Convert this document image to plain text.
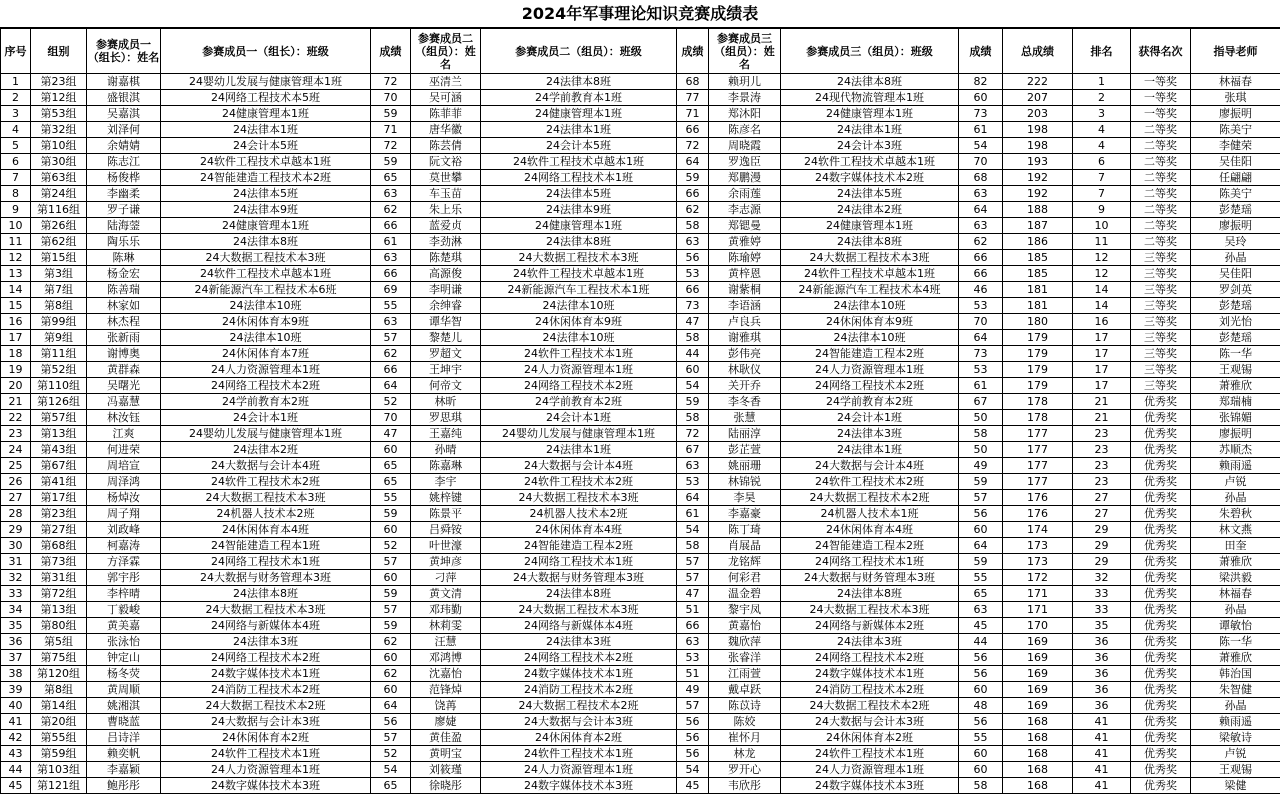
2024年军事理论知识竞赛成绩表
序号	组别	参赛成员一（组长）：姓名	参赛成员一（组长）：班级	成绩	参赛成员二（组员）：姓名	参赛成员二（组员）：班级	成绩	参赛成员三（组员）：姓名	参赛成员三（组员）：班级	成绩	总成绩	排名	获得名次	指导老师
1	第23组	谢嘉棋	24婴幼儿发展与健康管理本1班	72	巫清兰	24法律本8班	68	赖玥儿	24法律本8班	82	222	1	一等奖	林福春
2	第12组	盛银淇	24网络工程技术本5班	70	吴可涵	24学前教育本1班	77	李景涛	24现代物流管理本1班	60	207	2	一等奖	张琪
3	第53组	吴嘉淇	24健康管理本1班	59	陈菲菲	24健康管理本1班	71	郑沐阳	24健康管理本1班	73	203	3	一等奖	廖振明
4	第32组	刘泽何	24法律本1班	71	唐华徽	24法律本1班	66	陈彦名	24法律本1班	61	198	4	二等奖	陈美宁
5	第10组	余婧婧	24会计本5班	72	陈芸倩	24会计本5班	72	周晓霞	24会计本3班	54	198	4	二等奖	李健荣
6	第30组	陈志江	24软件工程技术卓越本1班	59	阮文裕	24软件工程技术卓越本1班	64	罗逸臣	24软件工程技术卓越本1班	70	193	6	二等奖	吴佳阳
7	第63组	杨俊桦	24智能建造工程技术本2班	65	莫世攀	24网络工程技术本1班	59	郑鹏漫	24数字媒体技术本2班	68	192	7	二等奖	任翩翩
8	第24组	李幽柔	24法律本5班	63	车玉苗	24法律本5班	66	余雨莲	24法律本5班	63	192	7	二等奖	陈美宁
9	第116组	罗子谦	24法律本9班	62	朱上乐	24法律本9班	62	李志源	24法律本2班	64	188	9	二等奖	彭楚瑶
10	第26组	陆海蓥	24健康管理本1班	66	蓝爱贞	24健康管理本1班	58	郑锶曼	24健康管理本1班	63	187	10	二等奖	廖振明
11	第62组	陶乐乐	24法律本8班	61	李劲淋	24法律本8班	63	黄雅婷	24法律本8班	62	186	11	二等奖	吴玲
12	第15组	陈琳	24大数据工程技术本3班	63	陈楚琪	24大数据工程技术本3班	56	陈瑜婷	24大数据工程技术本3班	66	185	12	三等奖	孙晶
13	第3组	杨金宏	24软件工程技术卓越本1班	66	高源俊	24软件工程技术卓越本1班	53	黄梓恩	24软件工程技术卓越本1班	66	185	12	三等奖	吴佳阳
14	第7组	陈善瑞	24新能源汽车工程技术本6班	69	李明谦	24新能源汽车工程技术本1班	66	谢紫桐	24新能源汽车工程技术本4班	46	181	14	三等奖	罗剑英
15	第8组	林家如	24法律本10班	55	余绅睿	24法律本10班	73	李语涵	24法律本10班	53	181	14	三等奖	彭楚瑶
16	第99组	林杰程	24休闲体育本9班	63	谭华智	24休闲体育本9班	47	卢良兵	24休闲体育本9班	70	180	16	三等奖	刘光怡
17	第9组	张新雨	24法律本10班	57	黎楚儿	24法律本10班	58	谢雅琪	24法律本10班	64	179	17	三等奖	彭楚瑶
18	第11组	谢博奥	24休闲体育本7班	62	罗超文	24软件工程技术本1班	44	彭伟亮	24智能建造工程本2班	73	179	17	三等奖	陈一华
19	第52组	黄群森	24人力资源管理本1班	66	王坤宇	24人力资源管理本1班	60	林耿仪	24人力资源管理本1班	53	179	17	三等奖	王观锡
20	第110组	吴曙光	24网络工程技术本2班	64	何帝文	24网络工程技术本2班	54	关开乔	24网络工程技术本2班	61	179	17	三等奖	萧雅欣
21	第126组	冯嘉慧	24学前教育本2班	52	林昕	24学前教育本2班	59	李冬香	24学前教育本2班	67	178	21	优秀奖	郑瑞楠
22	第57组	林汝钰	24会计本1班	70	罗思琪	24会计本1班	58	张慧	24会计本1班	50	178	21	优秀奖	张锦媚
23	第13组	江爽	24婴幼儿发展与健康管理本1班	47	王嘉纯	24婴幼儿发展与健康管理本1班	72	陆丽淳	24法律本3班	58	177	23	优秀奖	廖振明
24	第43组	何进荣	24法律本2班	60	孙晴	24法律本1班	67	彭芷萱	24法律本1班	50	177	23	优秀奖	苏顺杰
25	第67组	周培宣	24大数据与会计本4班	65	陈嘉琳	24大数据与会计本4班	63	姚丽珊	24大数据与会计本4班	49	177	23	优秀奖	赖雨遥
26	第41组	周泽鸿	24软件工程技术本2班	65	李宇	24软件工程技术本2班	53	林锦锐	24软件工程技术本2班	59	177	23	优秀奖	卢锐
27	第17组	杨焯汝	24大数据工程技术本3班	55	姚梓键	24大数据工程技术本3班	64	李昊	24大数据工程技术本2班	57	176	27	优秀奖	孙晶
28	第23组	周子翔	24机器人技术本2班	59	陈景平	24机器人技术本2班	61	李嘉豪	24机器人技术本1班	56	176	27	优秀奖	朱碧秋
29	第27组	刘政峰	24休闲体育本4班	60	吕舜铵	24休闲体育本4班	54	陈丁琦	24休闲体育本4班	60	174	29	优秀奖	林文燕
30	第68组	柯嘉涛	24智能建造工程本1班	52	叶世濠	24智能建造工程本2班	58	肖展晶	24智能建造工程本2班	64	173	29	优秀奖	田奎
31	第73组	方泽霖	24网络工程技术本1班	57	黄坤彦	24网络工程技术本1班	57	龙铭辉	24网络工程技术本1班	59	173	29	优秀奖	萧雅欣
32	第31组	郭宇彤	24大数据与财务管理本3班	60	刁萍	24大数据与财务管理本3班	57	何彩君	24大数据与财务管理本3班	55	172	32	优秀奖	梁洪毅
33	第72组	李梓晴	24法律本8班	59	黄文清	24法律本8班	47	温金碧	24法律本8班	65	171	33	优秀奖	林福春
34	第13组	丁毅峻	24大数据工程技术本3班	57	邓玮勤	24大数据工程技术本3班	51	黎宇凤	24大数据工程技术本3班	63	171	33	优秀奖	孙晶
35	第80组	黄美嘉	24网络与新媒体本4班	59	林莉雯	24网络与新媒体本4班	66	黄嘉怡	24网络与新媒体本2班	45	170	35	优秀奖	谭敏怡
36	第5组	张泳怡	24法律本3班	62	汪慧	24法律本3班	63	魏欣萍	24法律本3班	44	169	36	优秀奖	陈一华
37	第75组	钟定山	24网络工程技术本2班	60	邓鸿博	24网络工程技术本2班	53	张睿洋	24网络工程技术本2班	56	169	36	优秀奖	萧雅欣
38	第120组	杨冬荧	24数字媒体技术本1班	62	沈嘉怡	24数字媒体技术本1班	51	江雨萱	24数字媒体技术本1班	56	169	36	优秀奖	韩治国
39	第8组	黄周顺	24消防工程技术本2班	60	范锋焯	24消防工程技术本2班	49	戴卓跃	24消防工程技术本2班	60	169	36	优秀奖	朱智健
40	第14组	姚湘淇	24大数据工程技术本2班	64	饶苒	24大数据工程技术本2班	57	陈苡诗	24大数据工程技术本2班	48	169	36	优秀奖	孙晶
41	第20组	曹晓蓝	24大数据与会计本3班	56	廖婕	24大数据与会计本3班	56	陈姣	24大数据与会计本3班	56	168	41	优秀奖	赖雨遥
42	第55组	吕诗洋	24休闲体育本2班	57	黄佳盈	24休闲体育本2班	56	崔怀月	24休闲体育本2班	55	168	41	优秀奖	梁敏诗
43	第59组	赖奕帆	24软件工程技术本1班	52	黄明宝	24软件工程技术本1班	56	林龙	24软件工程技术本1班	60	168	41	优秀奖	卢锐
44	第103组	李嘉颖	24人力资源管理本1班	54	刘筱瑾	24人力资源管理本1班	54	罗开心	24人力资源管理本1班	60	168	41	优秀奖	王观锡
45	第121组	鲍彤彤	24数字媒体技术本3班	65	徐晓彤	24数字媒体技术本3班	45	韦欣彤	24数字媒体技术本3班	58	168	41	优秀奖	梁健
